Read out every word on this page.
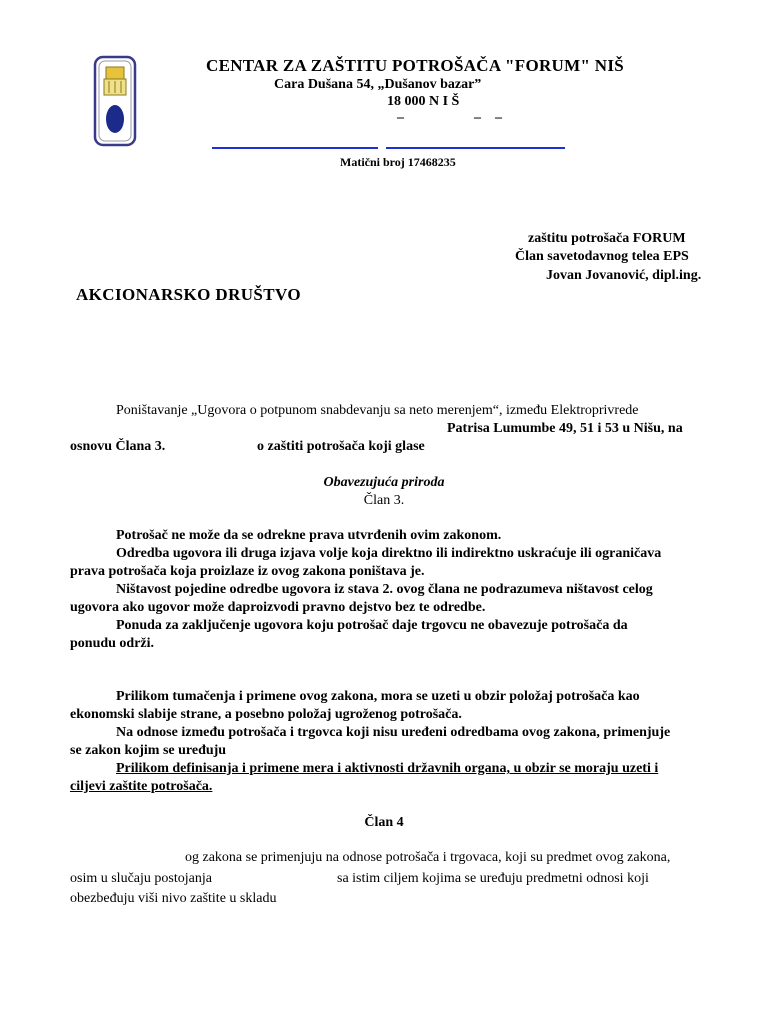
CENTAR ZA ZAŠTITU POTROŠAČA "FORUM" NIŠ
Cara Dušana 54, „Dušanov bazar”
18 000 N I Š
–                    –    –
Matični broj 17468235
zaštitu potrošača FORUM
Član savetodavnog telea EPS
Jovan Jovanović, dipl.ing.
AKCIONARSKO DRUŠTVO
Poništavanje „Ugovora o potpunom snabdevanju sa neto merenjem“, između Elektroprivrede
Patrisa Lumumbe 49, 51 i 53 u Nišu, na
osnovu Člana 3.	o zaštiti potrošača koji glase
Obavezujuća priroda
Član 3.
Potrošač ne može da se odrekne prava utvrđenih ovim zakonom.
Odredba ugovora ili druga izjava volje koja direktno ili indirektno uskraćuje ili ograničava
prava potrošača koja proizlaze iz ovog zakona poništava je.
Ništavost pojedine odredbe ugovora iz stava 2. ovog člana ne podrazumeva ništavost celog
ugovora ako ugovor može daproizvodi pravno dejstvo bez te odredbe.
Ponuda za zaključenje ugovora koju potrošač daje trgovcu ne obavezuje potrošača da
ponudu održi.
Prilikom tumačenja i primene ovog zakona, mora se uzeti u obzir položaj potrošača kao
ekonomski slabije strane, a posebno položaj ugroženog potrošača.
Na odnose između potrošača i trgovca koji nisu uređeni odredbama ovog zakona, primenjuje
se zakon kojim se uređuju
Prilikom definisanja i primene mera i aktivnosti državnih organa, u obzir se moraju uzeti i
ciljevi zaštite potrošača.
Član 4
og zakona se primenjuju na odnose potrošača i trgovaca, koji su predmet ovog zakona,
osim u slučaju postojanja	sa istim ciljem kojima se uređuju predmetni odnosi koji
obezbeđuju viši nivo zaštite u skladu
